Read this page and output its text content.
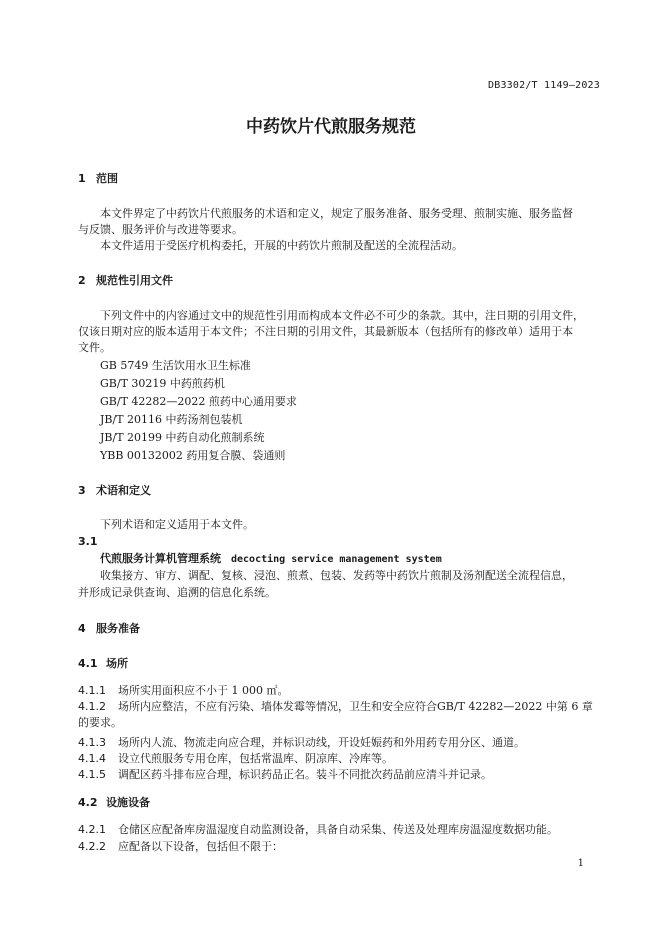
DB3302/T 1149—2023
中药饮片代煎服务规范
1 范围
本文件界定了中药饮片代煎服务的术语和定义，规定了服务准备、服务受理、煎制实施、服务监督
与反馈、服务评价与改进等要求。
本文件适用于受医疗机构委托，开展的中药饮片煎制及配送的全流程活动。
2 规范性引用文件
下列文件中的内容通过文中的规范性引用而构成本文件必不可少的条款。其中，注日期的引用文件，
仅该日期对应的版本适用于本文件；不注日期的引用文件，其最新版本（包括所有的修改单）适用于本
文件。
GB 5749 生活饮用水卫生标准
GB/T 30219 中药煎药机
GB/T 42282—2022 煎药中心通用要求
JB/T 20116 中药汤剂包装机
JB/T 20199 中药自动化煎制系统
YBB 00132002 药用复合膜、袋通则
3 术语和定义
下列术语和定义适用于本文件。
3.1
代煎服务计算机管理系统 decocting service management system
收集接方、审方、调配、复核、浸泡、煎煮、包装、发药等中药饮片煎制及汤剂配送全流程信息，
并形成记录供查询、追溯的信息化系统。
4 服务准备
4.1 场所
4.1.1 场所实用面积应不小于 1 000 ㎡。
4.1.2 场所内应整洁，不应有污染、墙体发霉等情况，卫生和安全应符合GB/T 42282—2022 中第 6 章
的要求。
4.1.3 场所内人流、物流走向应合理，并标识动线，开设妊娠药和外用药专用分区、通道。
4.1.4 设立代煎服务专用仓库，包括常温库、阴凉库、冷库等。
4.1.5 调配区药斗排布应合理，标识药品正名。装斗不同批次药品前应清斗并记录。
4.2 设施设备
4.2.1 仓储区应配备库房温湿度自动监测设备，具备自动采集、传送及处理库房温湿度数据功能。
4.2.2 应配备以下设备，包括但不限于：
1
